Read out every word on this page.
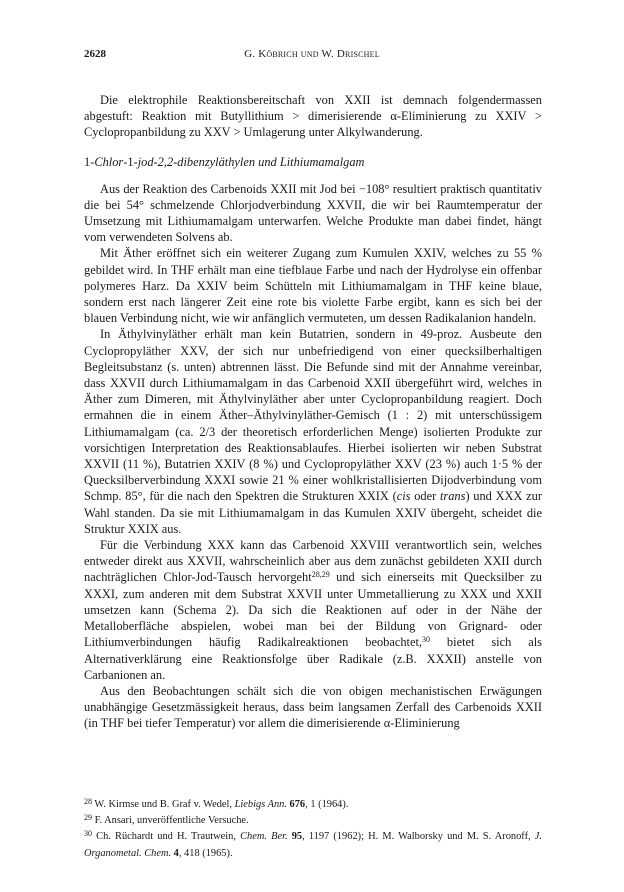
2628	G. Köbrich und W. Drischel

Die elektrophile Reaktionsbereitschaft von XXII ist demnach folgendermassen abgestuft: Reaktion mit Butyllithium > dimerisierende α-Eliminierung zu XXIV > Cyclopropanbildung zu XXV > Umlagerung unter Alkylwanderung.

1-Chlor-1-jod-2,2-dibenzyläthylen und Lithiumamalgam

Aus der Reaktion des Carbenoids XXII mit Jod bei −108° resultiert praktisch quantitativ die bei 54° schmelzende Chlorjodverbindung XXVII, die wir bei Raumtemperatur der Umsetzung mit Lithiumamalgam unterwarfen. Welche Produkte man dabei findet, hängt vom verwendeten Solvens ab.

Mit Äther eröffnet sich ein weiterer Zugang zum Kumulen XXIV, welches zu 55 % gebildet wird. In THF erhält man eine tiefblaue Farbe und nach der Hydrolyse ein offenbar polymeres Harz. Da XXIV beim Schütteln mit Lithiumamalgam in THF keine blaue, sondern erst nach längerer Zeit eine rote bis violette Farbe ergibt, kann es sich bei der blauen Verbindung nicht, wie wir anfänglich vermuteten, um dessen Radikalanion handeln.

In Äthylvinyläther erhält man kein Butatrien, sondern in 49-proz. Ausbeute den Cyclopropyläther XXV, der sich nur unbefriedigend von einer quecksilberhaltigen Begleitsubstanz (s. unten) abtrennen lässt. Die Befunde sind mit der Annahme vereinbar, dass XXVII durch Lithiumamalgam in das Carbenoid XXII übergeführt wird, welches in Äther zum Dimeren, mit Äthylvinyläther aber unter Cyclopropanbildung reagiert. Doch ermahnen die in einem Äther–Äthylvinyläther-Gemisch (1 : 2) mit unterschüssigem Lithiumamalgam (ca. 2/3 der theoretisch erforderlichen Menge) isolierten Produkte zur vorsichtigen Interpretation des Reaktionsablaufes. Hierbei isolierten wir neben Substrat XXVII (11 %), Butatrien XXIV (8 %) und Cyclopropyläther XXV (23 %) auch 1·5 % der Quecksilberverbindung XXXI sowie 21 % einer wohlkristallisierten Dijodverbindung vom Schmp. 85°, für die nach den Spektren die Strukturen XXIX (cis oder trans) und XXX zur Wahl standen. Da sie mit Lithiumamalgam in das Kumulen XXIV übergeht, scheidet die Struktur XXIX aus.

Für die Verbindung XXX kann das Carbenoid XXVIII verantwortlich sein, welches entweder direkt aus XXVII, wahrscheinlich aber aus dem zunächst gebildeten XXII durch nachträglichen Chlor-Jod-Tausch hervorgeht$^{28,29}$ und sich einerseits mit Quecksilber zu XXXI, zum anderen mit dem Substrat XXVII unter Ummetallierung zu XXX und XXII umsetzen kann (Schema 2). Da sich die Reaktionen auf oder in der Nähe der Metalloberfläche abspielen, wobei man bei der Bildung von Grignard- oder Lithiumverbindungen häufig Radikalreaktionen beobachtet,$^{30}$ bietet sich als Alternativerklärung eine Reaktionsfolge über Radikale (z.B. XXXII) anstelle von Carbanionen an.

Aus den Beobachtungen schält sich die von obigen mechanistischen Erwägungen unabhängige Gesetzmässigkeit heraus, dass beim langsamen Zerfall des Carbenoids XXII (in THF bei tiefer Temperatur) vor allem die dimerisierende α-Eliminierung

$^{28}$ W. Kirmse und B. Graf v. Wedel, Liebigs Ann. 676, 1 (1964).

$^{29}$ F. Ansari, unveröffentliche Versuche.

$^{30}$ Ch. Rüchardt und H. Trautwein, Chem. Ber. 95, 1197 (1962); H. M. Walborsky und M. S. Aronoff, J. Organometal. Chem. 4, 418 (1965).
